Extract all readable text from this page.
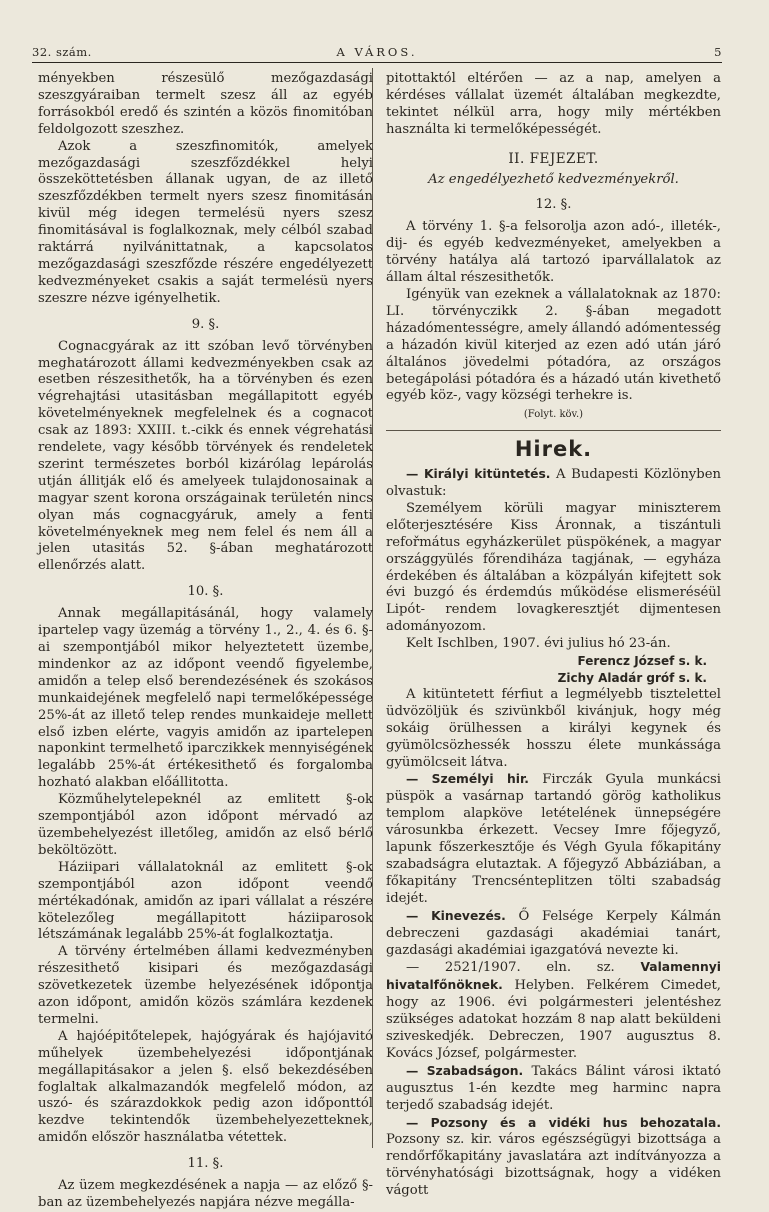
32. szám.	A VÁROS.	5

ményekben részesülő mezőgazdasági szeszgyáraiban termelt szesz áll az egyéb forrásokból eredő és szintén a közös finomitóban feldolgozott szeszhez.

Azok a szeszfinomitók, amelyek mezőgazdasági szeszfőzdékkel helyi összeköttetésben állanak ugyan, de az illető szeszfőzdékben termelt nyers szesz finomitásán kivül még idegen termelésü nyers szesz finomitásával is foglalkoznak, mely célból szabad raktárrá nyilvánittatnak, a kapcsolatos mezőgazdasági szeszfőzde részére engedélyezett kedvezményeket csakis a saját termelésü nyers szeszre nézve igényelhetik.

9. §.

Cognacgyárak az itt szóban levő törvényben meghatározott állami kedvezményekben csak az esetben részesithetők, ha a törvényben és ezen végrehajtási utasitásban megállapitott egyéb követelményeknek megfelelnek és a cognacot csak az 1893: XXIII. t.-cikk és ennek végrehatási rendelete, vagy később törvények és rendeletek szerint természetes borból kizárólag lepárolás utján állitják elő és amelyeek tulajdonosainak a magyar szent korona országainak területén nincs olyan más cognacgyáruk, amely a fenti követelményeknek meg nem felel és nem áll a jelen utasitás 52. §-ában meghatározott ellenőrzés alatt.

10. §.

Annak megállapitásánál, hogy valamely ipartelep vagy üzemág a törvény 1., 2., 4. és 6. §-ai szempontjából mikor helyeztetett üzembe, mindenkor az az időpont veendő figyelembe, amidőn a telep első berendezésének és szokásos munkaidejének megfelelő napi termelőképessége 25%-át az illető telep rendes munkaideje mellett első izben elérte, vagyis amidőn az ipartelepen naponkint termelhető iparczikkek mennyiségének legalább 25%-át értékesithető és forgalomba hozható alakban előállitotta.

Közműhelytelepeknél az emlitett §-ok szempontjából azon időpont mérvadó az üzembehelyezést illetőleg, amidőn az első bérlő beköltözött.

Háziipari vállalatoknál az emlitett §-ok szempontjából azon időpont veendő mértékadónak, amidőn az ipari vállalat a részére kötelezőleg megállapitott háziiparosok létszámának legalább 25%-át foglalkoztatja.

A törvény értelmében állami kedvezményben részesithető kisipari és mezőgazdasági szövetkezetek üzembe helyezésének időpontja azon időpont, amidőn közös számlára kezdenek termelni.

A hajóépitőtelepek, hajógyárak és hajójavitó műhelyek üzembehelyezési időpontjának megállapitásakor a jelen §. első bekezdésében foglaltak alkalmazandók megfelelő módon, az uszó- és szárazdokkok pedig azon időponttól kezdve tekintendők üzembehelyezetteknek, amidőn először használatba vétettek.

11. §.

Az üzem megkezdésének a napja — az előző §-ban az üzembehelyezés napjára nézve megálla-

pitottaktól eltérően — az a nap, amelyen a kérdéses vállalat üzemét általában megkezdte, tekintet nélkül arra, hogy mily mértékben használta ki termelőképességét.

II. FEJEZET.

Az engedélyezhető kedvezményekről.

12. §.

A törvény 1. §-a felsorolja azon adó-, illeték-, dij- és egyéb kedvezményeket, amelyekben a törvény hatálya alá tartozó iparvállalatok az állam által részesithetők.

Igényük van ezeknek a vállalatoknak az 1870: LI. törvényczikk 2. §-ában megadott házadómentességre, amely állandó adómentesség a házadón kivül kiterjed az ezen adó után járó általános jövedelmi pótadóra, az országos betegápolási pótadóra és a házadó után kivethető egyéb köz-, vagy községi terhekre is.

(Folyt. köv.)

Hirek.

— Királyi kitüntetés. A Budapesti Közlönyben olvastuk:

Személyem körüli magyar miniszterem előterjesztésére Kiss Áronnak, a tiszántuli refořmátus egyházkerület püspökének, a magyar országgyülés főrendiháza tagjának, — egyháza érdekében és általában a közpályán kifejtett sok évi buzgó és érdemdús működése elismeréséül Lipót- rendem lovagkeresztjét dijmentesen adományozom.

Kelt Ischlben, 1907. évi julius hó 23-án.

Ferencz József s. k.

Zichy Aladár gróf s. k.

A kitüntetett férfiut a legmélyebb tisztelettel üdvözöljük és szivünkből kivánjuk, hogy még sokáig örülhessen a királyi kegynek és gyümölcsözhessék hosszu élete munkássága gyümölcseit látva.

— Személyi hir. Firczák Gyula munkácsi püspök a vasárnap tartandó görög katholikus templom alapköve letételének ünnepségére városunkba érkezett. Vecsey Imre főjegyző, lapunk főszerkesztője és Végh Gyula főkapitány szabadságra elutaztak. A főjegyző Abbáziában, a főkapitány Trencsénteplitzen tölti szabadság idejét.

— Kinevezés. Ő Felsége Kerpely Kálmán debreczeni gazdasági akadémiai tanárt, gazdasági akadémiai igazgatóvá nevezte ki.

— 2521/1907. eln. sz. Valamennyi hivatalfőnöknek. Helyben. Felkérem Cimedet, hogy az 1906. évi polgármesteri jelentéshez szükséges adatokat hozzám 8 nap alatt beküldeni sziveskedjék. Debreczen, 1907 augusztus 8. Kovács József, polgármester.

— Szabadságon. Takács Bálint városi iktató augusztus 1-én kezdte meg harminc napra terjedő szabadság idejét.

— Pozsony és a vidéki hus behozatala. Pozsony sz. kir. város egészségügyi bizottsága a rendőrfőkapitány javaslatára azt indítványozza a törvényhatósági bizottságnak, hogy a vidéken vágott
